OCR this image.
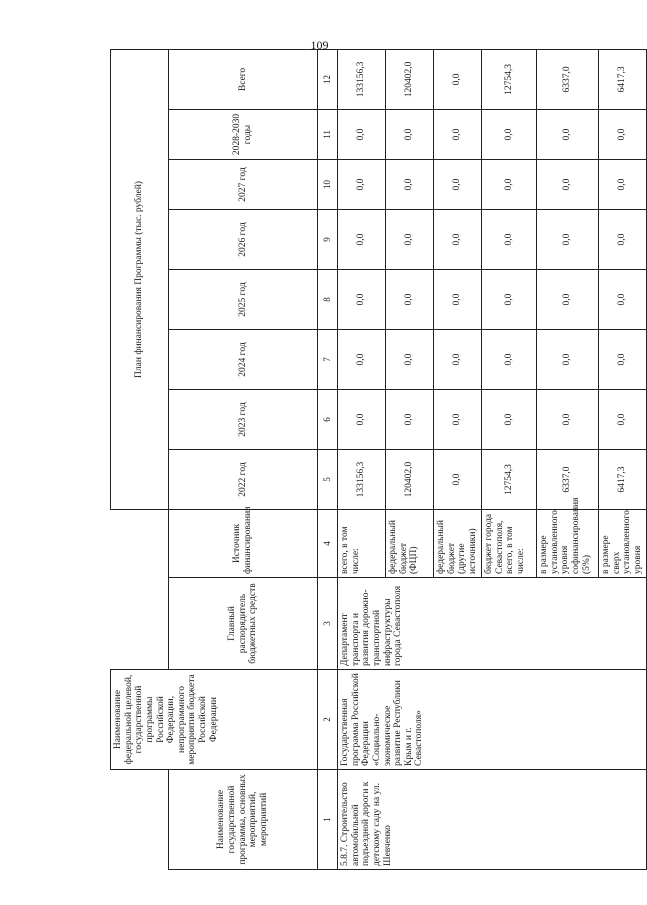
109
	Наименование федеральной целевой, государственной программы Российской Федерации, непрограммного мероприятия бюджета Российской Федерации			План финансирования Программы (тыс. рублей)							
Наименование государственной программы, основных мероприятий, мероприятий		Главный распорядитель бюджетных средств	Источник финансирования	2022 год	2023 год	2024 год	2025 год	2026 год	2027 год	2028-2030 годы	Всего

1	2	3	4	5	6	7	8	9	10	11	12
5.8.7. Строительство автомобильной подъездной дороги к детскому саду на ул. Шевченко	Государственная программа Российской Федерации «Социально-экономическое развитие Республики Крым и г. Севастополя»	Департамент транспорта и развития дорожно-транспортной инфраструктуры города Севастополя	всего, в том числе:	133156,3	0,0	0,0	0,0	0,0	0,0	0,0	133156,3
			федеральный бюджет (ФЦП)	120402,0	0,0	0,0	0,0	0,0	0,0	0,0	120402,0
			федеральный бюджет (другие источники)	0,0	0,0	0,0	0,0	0,0	0,0	0,0	0,0
			бюджет города Севастополя, всего, в том числе:	12754,3	0,0	0,0	0,0	0,0	0,0	0,0	12754,3
			в размере установленного уровня софинансирования (5%)	6337,0	0,0	0,0	0,0	0,0	0,0	0,0	6337,0
			в размере сверх установленного уровня	6417,3	0,0	0,0	0,0	0,0	0,0	0,0	6417,3
